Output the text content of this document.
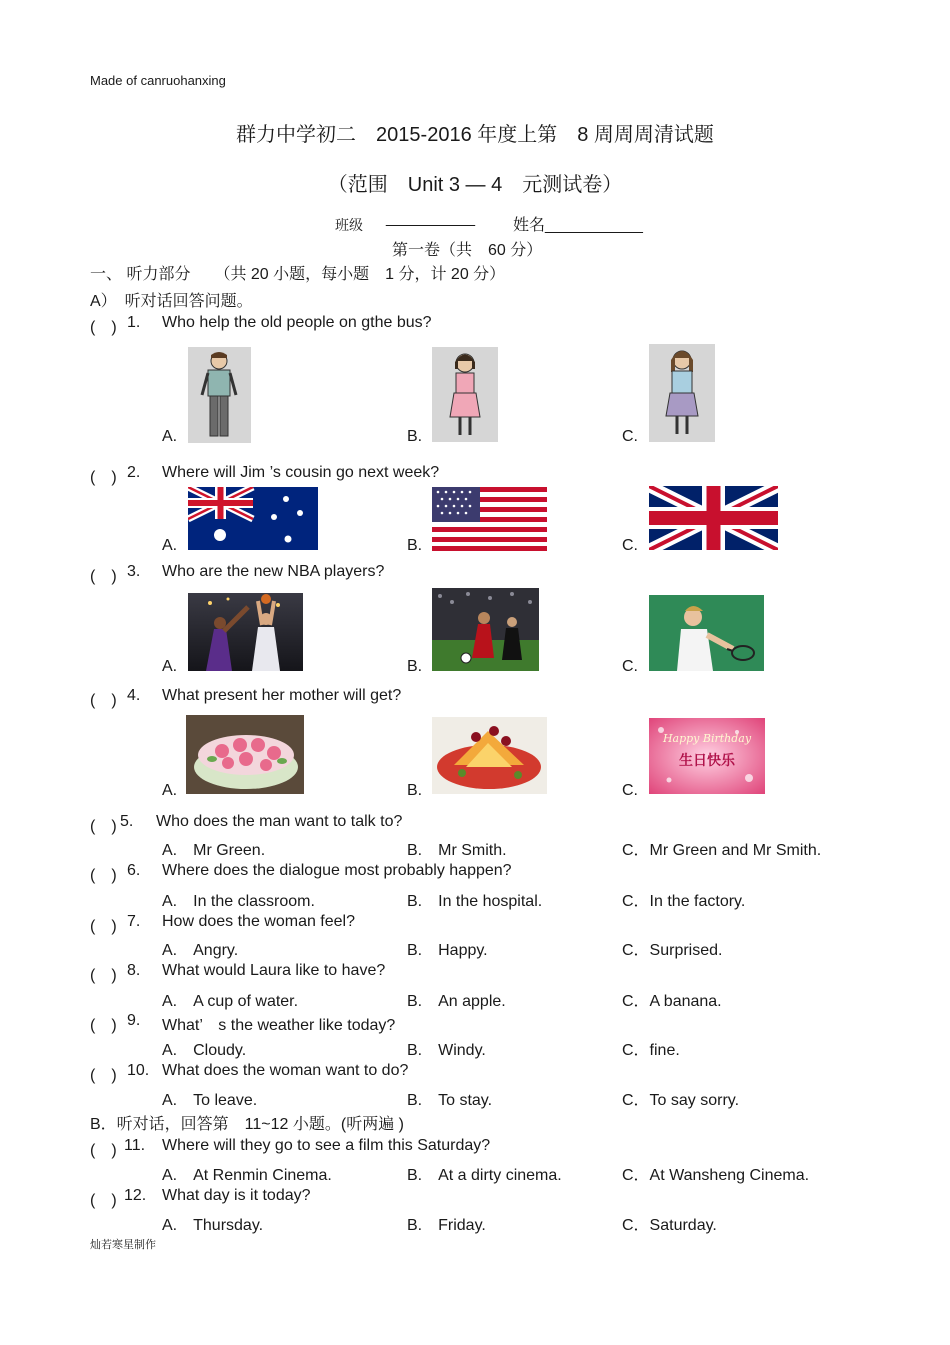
Made of canruohanxing
群力中学初二　2015-2016 年度上第　8 周周周清试题
（范围　Unit 3 — 4　元测试卷）
班级 __________ 姓名___________
第一卷（共　60 分）
一、 听力部分　　（共 20 小题，每小题　1 分，计 20 分）
A）　听对话回答问题。
(　) 1. Who help the old people on gthe bus?
A.	B.	C.
(　) 2. Where will Jim ’s cousin go next week?
A.	B.	C.
(　) 3. Who are the new NBA players?
A.	B.	C.
(　) 4. What present her mother will get?
Happy Birthday
生日快乐
A.	B.	C.
(　) 5. Who does the man want to talk to?
A.　Mr Green.	B.　Mr Smith.	C．Mr Green and Mr Smith.
(　) 6. Where does the dialogue most probably happen?
A.　In the classroom.	B.　In the hospital.	C．In the factory.
(　) 7. How does the woman feel?
A.　Angry.	B.　Happy.	C．Surprised.
(　) 8. What would Laura like to have?
A.　A cup of water.	B.　An apple.	C．A banana.
(　) 9. What’　s the weather like today?
A.　Cloudy.	B.　Windy.	C．fine.
(　) 10. What does the woman want to do?
A.　To leave.	B.　To stay.	C．To say sorry.
B．听对话，回答第　11~12 小题。(听两遍 )
(　) 11. Where will they go to see a film this Saturday?
A.　At Renmin Cinema.	B.　At a dirty cinema.	C．At Wansheng Cinema.
(　) 12. What day is it today?
A.　Thursday.	B.　Friday.	C．Saturday.
灿若寒星制作
